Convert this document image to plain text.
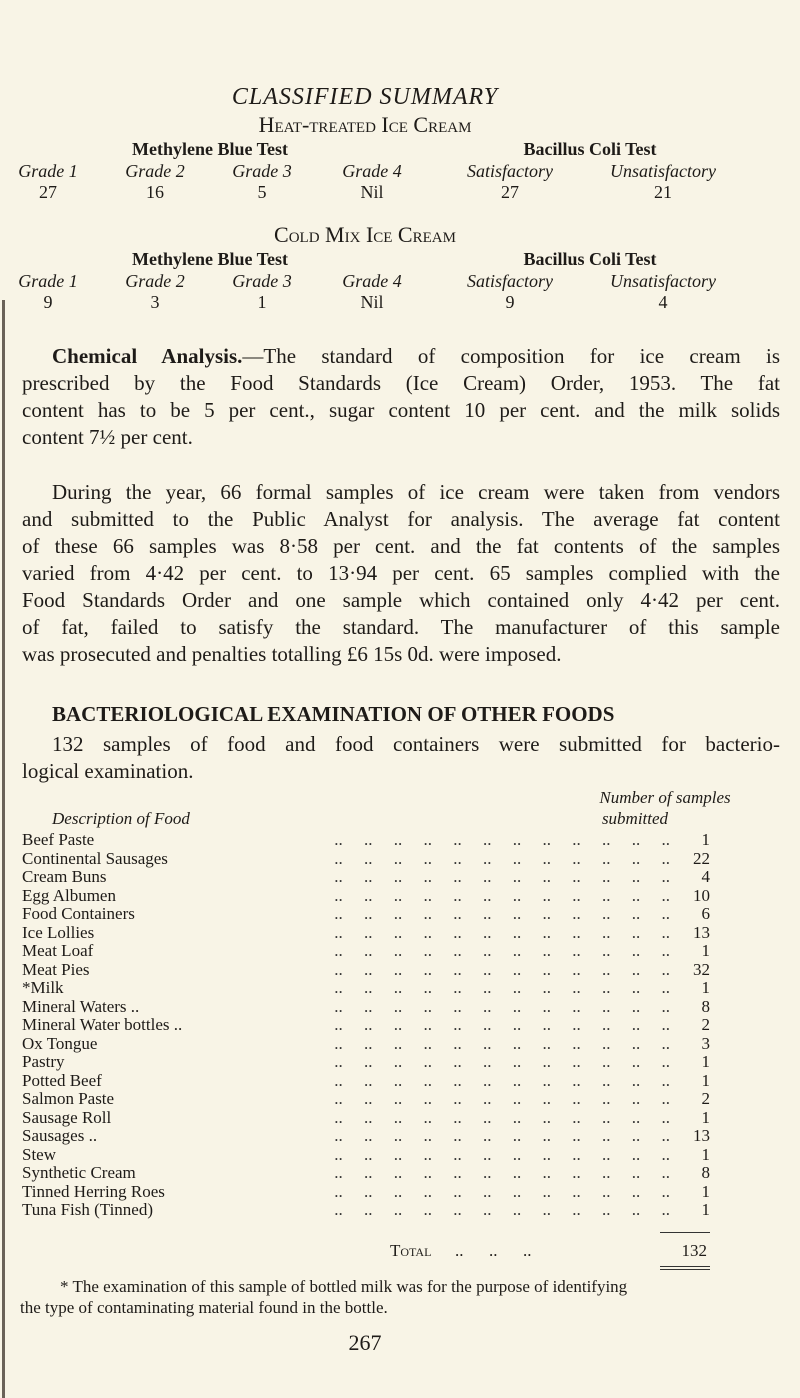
CLASSIFIED SUMMARY
Heat-treated Ice Cream
Methylene Blue Test	Bacillus Coli Test
Grade 1	Grade 2	Grade 3	Grade 4	Satisfactory	Unsatisfactory
27	16	5	Nil	27	21
Cold Mix Ice Cream
Methylene Blue Test	Bacillus Coli Test
Grade 1	Grade 2	Grade 3	Grade 4	Satisfactory	Unsatisfactory
9	3	1	Nil	9	4
Chemical Analysis.—The standard of composition for ice cream is
prescribed by the Food Standards (Ice Cream) Order, 1953. The fat
content has to be 5 per cent., sugar content 10 per cent. and the milk solids
content 7½ per cent.
During the year, 66 formal samples of ice cream were taken from vendors
and submitted to the Public Analyst for analysis. The average fat content
of these 66 samples was 8·58 per cent. and the fat contents of the samples
varied from 4·42 per cent. to 13·94 per cent. 65 samples complied with the
Food Standards Order and one sample which contained only 4·42 per cent.
of fat, failed to satisfy the standard. The manufacturer of this sample
was prosecuted and penalties totalling £6 15s 0d. were imposed.
BACTERIOLOGICAL EXAMINATION OF OTHER FOODS
132 samples of food and food containers were submitted for bacterio-
logical examination.
Number of samples
submitted
Description of Food
Beef Paste	..     ..     ..     ..     ..     ..     ..     ..     ..     ..     ..     ..	1
Continental Sausages	..     ..     ..     ..     ..     ..     ..     ..     ..     ..     ..     ..	22
Cream Buns	..     ..     ..     ..     ..     ..     ..     ..     ..     ..     ..     ..	4
Egg Albumen	..     ..     ..     ..     ..     ..     ..     ..     ..     ..     ..     ..	10
Food Containers	..     ..     ..     ..     ..     ..     ..     ..     ..     ..     ..     ..	6
Ice Lollies	..     ..     ..     ..     ..     ..     ..     ..     ..     ..     ..     ..	13
Meat Loaf	..     ..     ..     ..     ..     ..     ..     ..     ..     ..     ..     ..	1
Meat Pies	..     ..     ..     ..     ..     ..     ..     ..     ..     ..     ..     ..	32
*Milk	..     ..     ..     ..     ..     ..     ..     ..     ..     ..     ..     ..	1
Mineral Waters ..	..     ..     ..     ..     ..     ..     ..     ..     ..     ..     ..     ..	8
Mineral Water bottles ..	..     ..     ..     ..     ..     ..     ..     ..     ..     ..     ..     ..	2
Ox Tongue	..     ..     ..     ..     ..     ..     ..     ..     ..     ..     ..     ..	3
Pastry	..     ..     ..     ..     ..     ..     ..     ..     ..     ..     ..     ..	1
Potted Beef	..     ..     ..     ..     ..     ..     ..     ..     ..     ..     ..     ..	1
Salmon Paste	..     ..     ..     ..     ..     ..     ..     ..     ..     ..     ..     ..	2
Sausage Roll	..     ..     ..     ..     ..     ..     ..     ..     ..     ..     ..     ..	1
Sausages ..	..     ..     ..     ..     ..     ..     ..     ..     ..     ..     ..     ..	13
Stew	..     ..     ..     ..     ..     ..     ..     ..     ..     ..     ..     ..	1
Synthetic Cream	..     ..     ..     ..     ..     ..     ..     ..     ..     ..     ..     ..	8
Tinned Herring Roes	..     ..     ..     ..     ..     ..     ..     ..     ..     ..     ..     ..	1
Tuna Fish (Tinned)	..     ..     ..     ..     ..     ..     ..     ..     ..     ..     ..     ..	1
Total ..      ..      ..	132
* The examination of this sample of bottled milk was for the purpose of identifying
the type of contaminating material found in the bottle.
267
